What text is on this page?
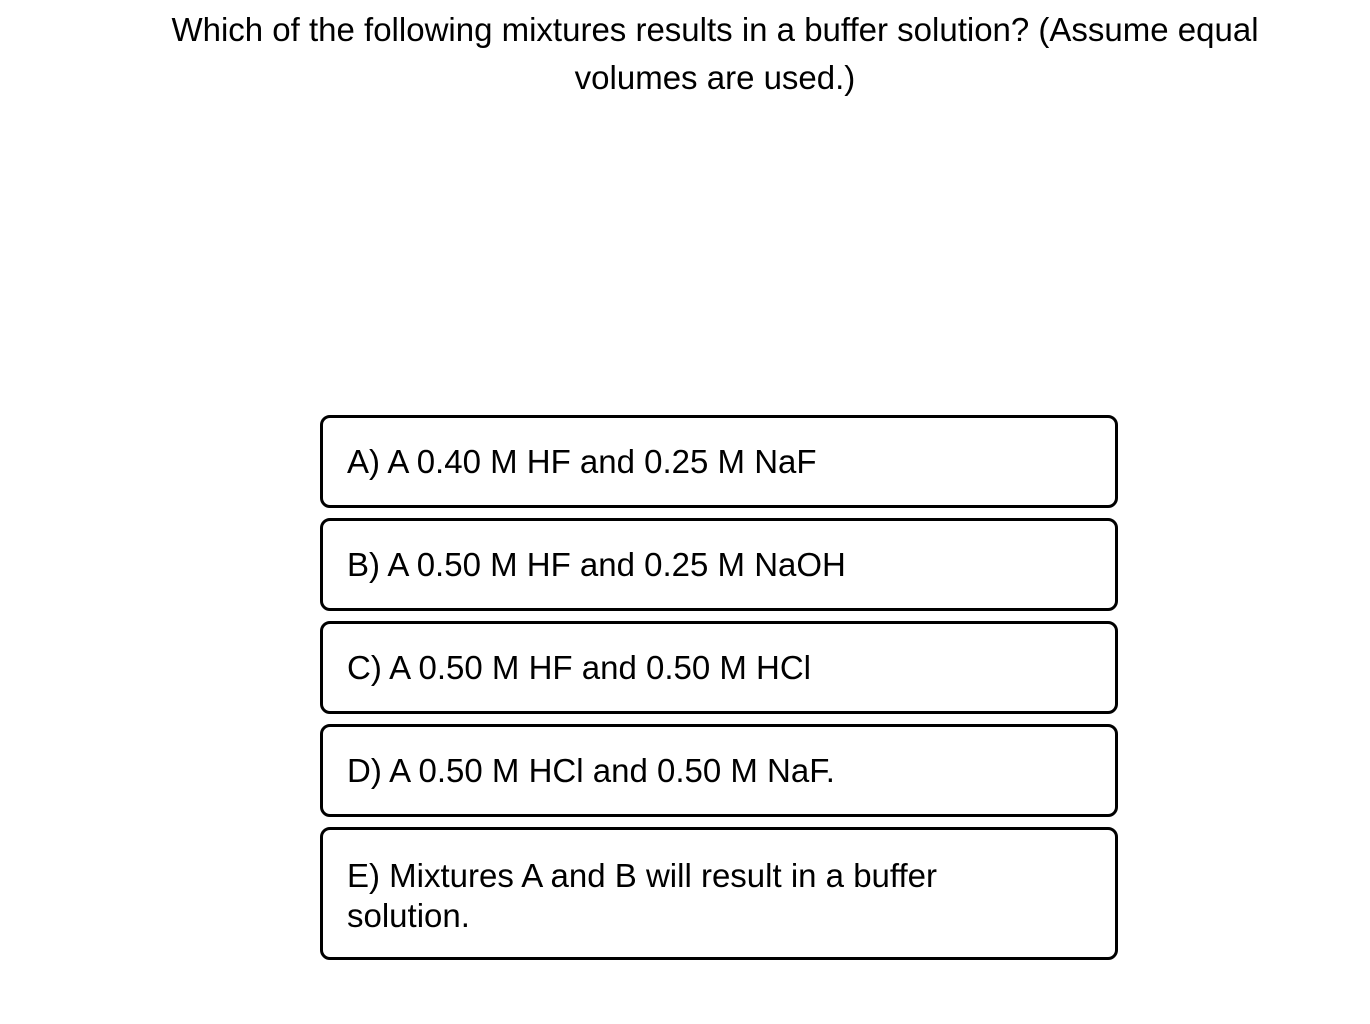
Which of the following mixtures results in a buffer solution? (Assume equal volumes are used.)
A) A 0.40 M HF and 0.25 M NaF
B) A 0.50 M HF and 0.25 M NaOH
C) A 0.50 M HF and 0.50 M HCl
D) A 0.50 M HCl and 0.50 M NaF.
E) Mixtures A and B will result in a buffer solution.
